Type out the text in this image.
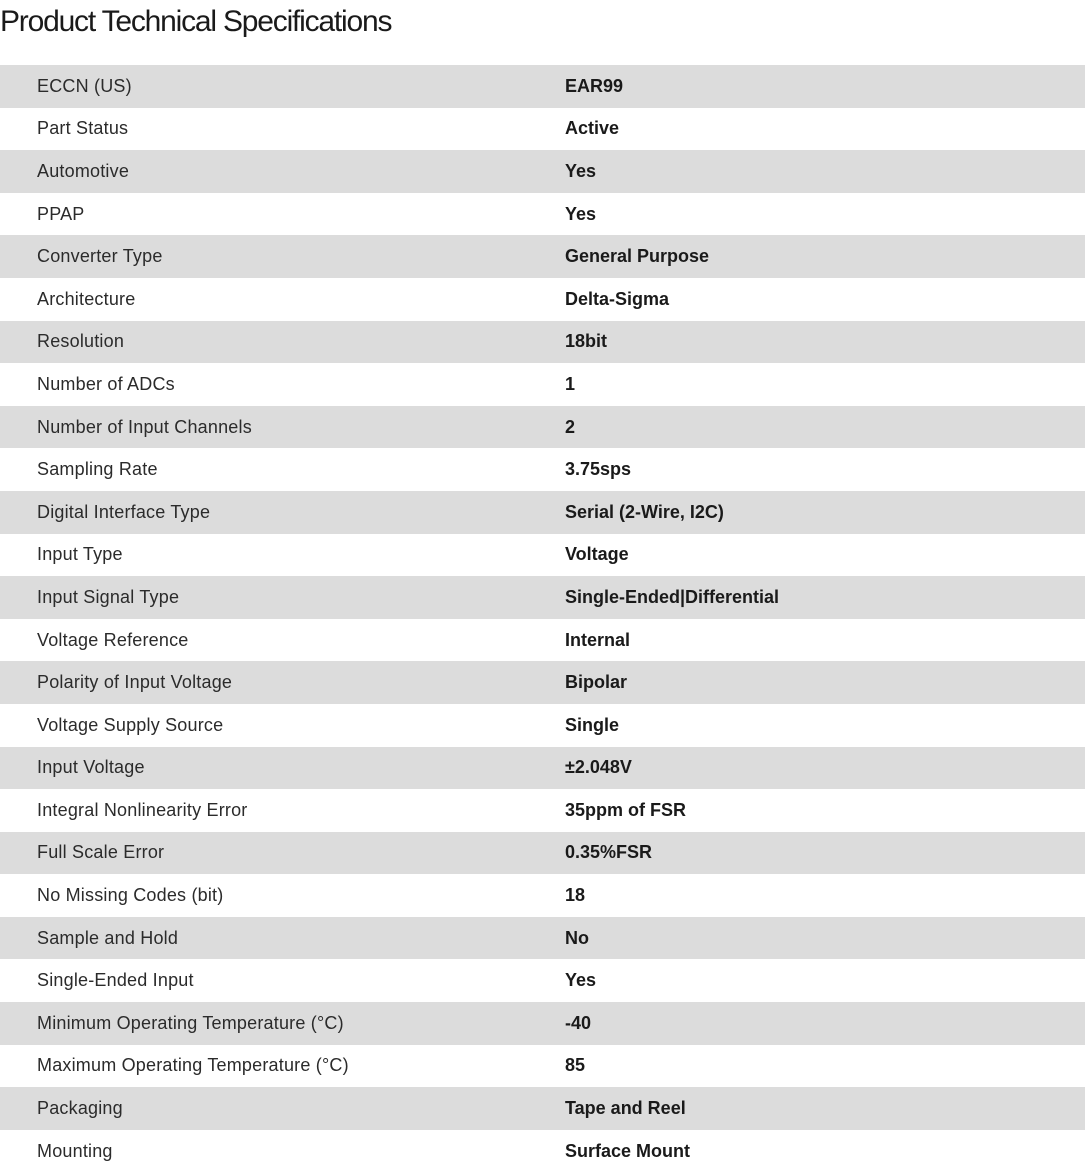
Product Technical Specifications
ECCN (US)	EAR99
Part Status	Active
Automotive	Yes
PPAP	Yes
Converter Type	General Purpose
Architecture	Delta-Sigma
Resolution	18bit
Number of ADCs	1
Number of Input Channels	2
Sampling Rate	3.75sps
Digital Interface Type	Serial (2-Wire, I2C)
Input Type	Voltage
Input Signal Type	Single-Ended|Differential
Voltage Reference	Internal
Polarity of Input Voltage	Bipolar
Voltage Supply Source	Single
Input Voltage	±2.048V
Integral Nonlinearity Error	35ppm of FSR
Full Scale Error	0.35%FSR
No Missing Codes (bit)	18
Sample and Hold	No
Single-Ended Input	Yes
Minimum Operating Temperature (°C)	-40
Maximum Operating Temperature (°C)	85
Packaging	Tape and Reel
Mounting	Surface Mount
